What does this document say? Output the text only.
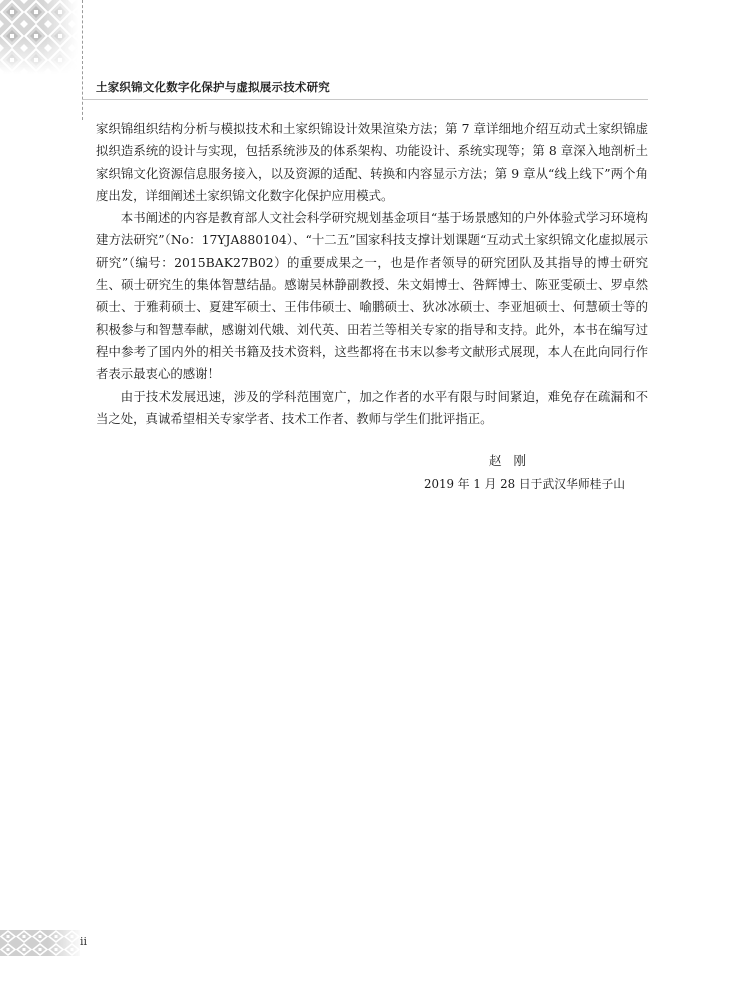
土家织锦文化数字化保护与虚拟展示技术研究

家织锦组织结构分析与模拟技术和土家织锦设计效果渲染方法；第 7 章详细地介绍互动式土家织锦虚拟织造系统的设计与实现，包括系统涉及的体系架构、功能设计、系统实现等；第 8 章深入地剖析土家织锦文化资源信息服务接入，以及资源的适配、转换和内容显示方法；第 9 章从“线上线下”两个角度出发，详细阐述土家织锦文化数字化保护应用模式。

本书阐述的内容是教育部人文社会科学研究规划基金项目“基于场景感知的户外体验式学习环境构建方法研究”（No：17YJA880104）、“十二五”国家科技支撑计划课题“互动式土家织锦文化虚拟展示研究”（编号：2015BAK27B02）的重要成果之一，也是作者领导的研究团队及其指导的博士研究生、硕士研究生的集体智慧结晶。感谢吴林静副教授、朱文娟博士、咎辉博士、陈亚雯硕士、罗卓然硕士、于雅莉硕士、夏建军硕士、王伟伟硕士、喻鹏硕士、狄冰冰硕士、李亚旭硕士、何慧硕士等的积极参与和智慧奉献，感谢刘代娥、刘代英、田若兰等相关专家的指导和支持。此外，本书在编写过程中参考了国内外的相关书籍及技术资料，这些都将在书末以参考文献形式展现，本人在此向同行作者表示最衷心的感谢！

由于技术发展迅速，涉及的学科范围宽广，加之作者的水平有限与时间紧迫，难免存在疏漏和不当之处，真诚希望相关专家学者、技术工作者、教师与学生们批评指正。

赵刚
2019 年 1 月 28 日于武汉华师桂子山
ii
